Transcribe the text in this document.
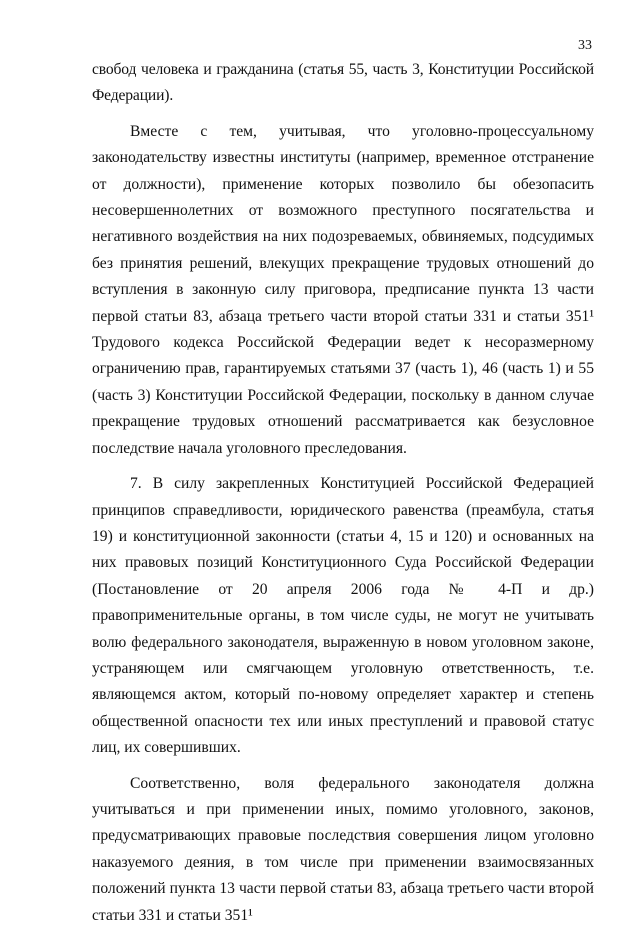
33

свобод человека и гражданина (статья 55, часть 3, Конституции Российской Федерации).

Вместе с тем, учитывая, что уголовно-процессуальному законодательству известны институты (например, временное отстранение от должности), применение которых позволило бы обезопасить несовершеннолетних от возможного преступного посягательства и негативного воздействия на них подозреваемых, обвиняемых, подсудимых без принятия решений, влекущих прекращение трудовых отношений до вступления в законную силу приговора, предписание пункта 13 части первой статьи 83, абзаца третьего части второй статьи 331 и статьи 351¹ Трудового кодекса Российской Федерации ведет к несоразмерному ограничению прав, гарантируемых статьями 37 (часть 1), 46 (часть 1) и 55 (часть 3) Конституции Российской Федерации, поскольку в данном случае прекращение трудовых отношений рассматривается как безусловное последствие начала уголовного преследования.

7. В силу закрепленных Конституцией Российской Федерацией принципов справедливости, юридического равенства (преамбула, статья 19) и конституционной законности (статьи 4, 15 и 120) и основанных на них правовых позиций Конституционного Суда Российской Федерации (Постановление от 20 апреля 2006 года № 4-П и др.) правоприменительные органы, в том числе суды, не могут не учитывать волю федерального законодателя, выраженную в новом уголовном законе, устраняющем или смягчающем уголовную ответственность, т.е. являющемся актом, который по-новому определяет характер и степень общественной опасности тех или иных преступлений и правовой статус лиц, их совершивших.

Соответственно, воля федерального законодателя должна учитываться и при применении иных, помимо уголовного, законов, предусматривающих правовые последствия совершения лицом уголовно наказуемого деяния, в том числе при применении взаимосвязанных положений пункта 13 части первой статьи 83, абзаца третьего части второй статьи 331 и статьи 351¹
